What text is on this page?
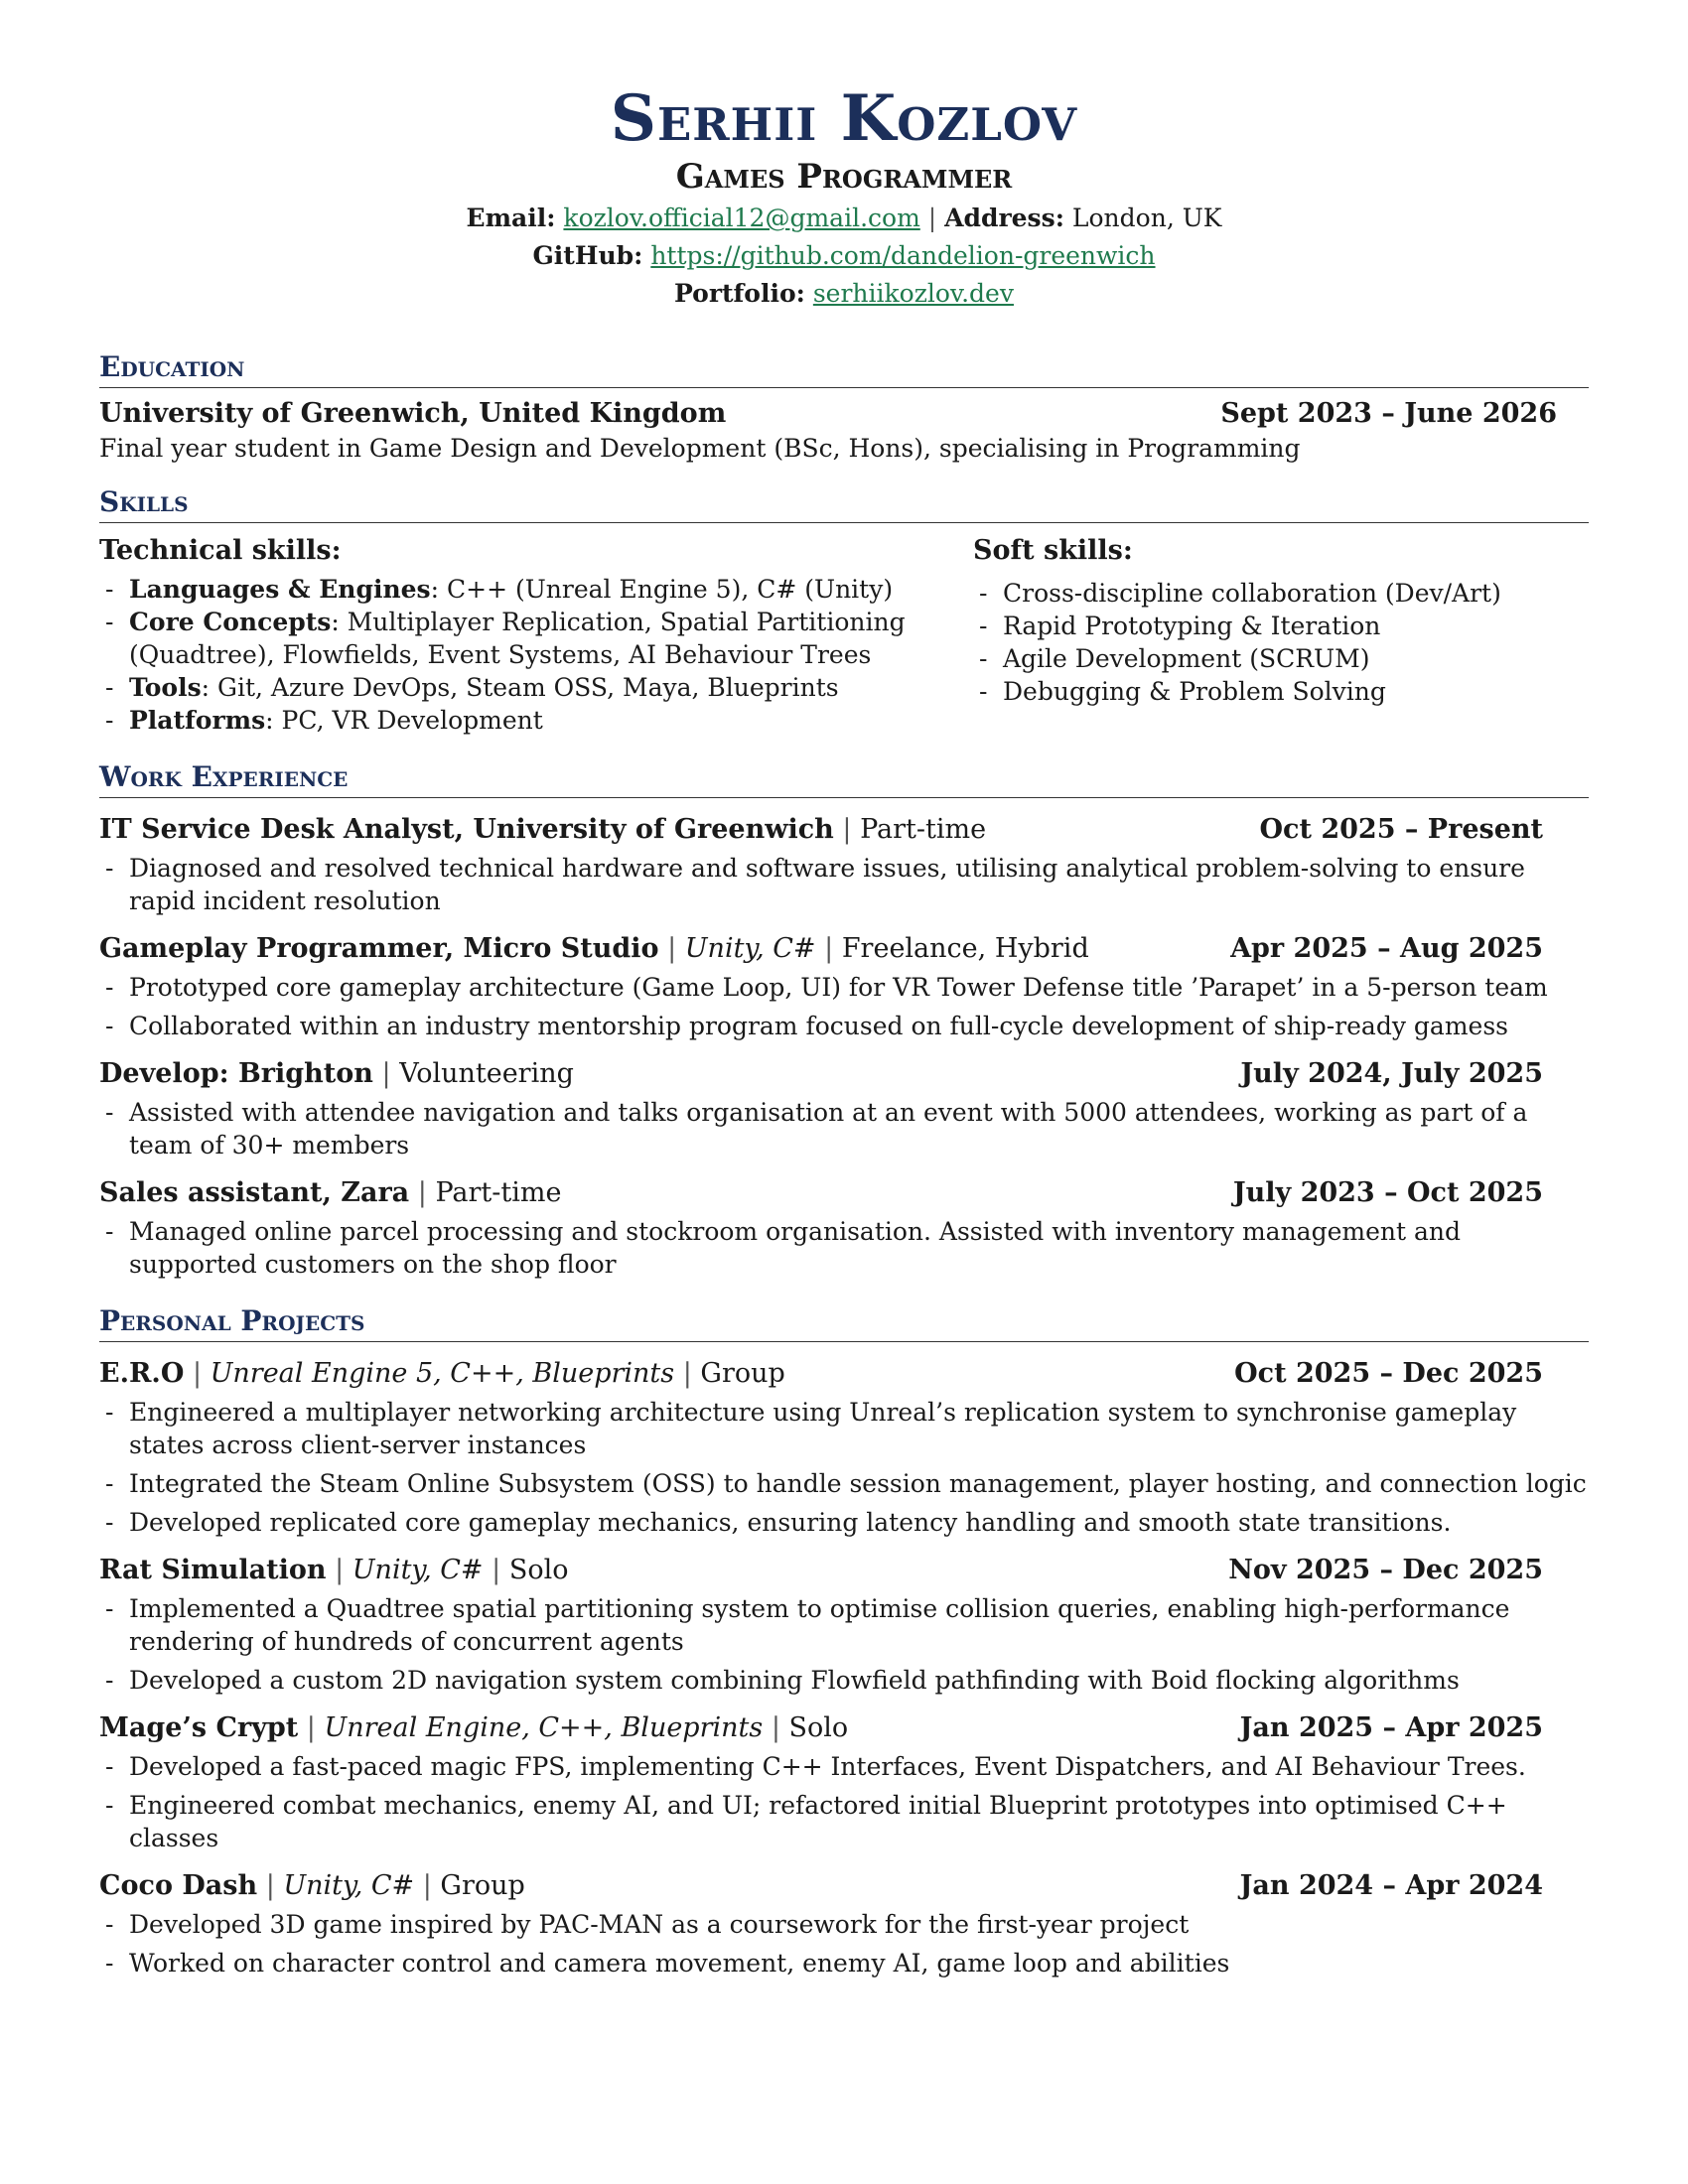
Serhii Kozlov
Games Programmer
Email: kozlov.official12@gmail.com | Address: London, UK
GitHub: https://github.com/dandelion-greenwich
Portfolio: serhiikozlov.dev
Education
University of Greenwich, United Kingdom	Sept 2023 – June 2026
Final year student in Game Design and Development (BSc, Hons), specialising in Programming
Skills
Technical skills:
- Languages & Engines: C++ (Unreal Engine 5), C# (Unity)
- Core Concepts: Multiplayer Replication, Spatial Partitioning (Quadtree), Flowfields, Event Systems, AI Behaviour Trees
- Tools: Git, Azure DevOps, Steam OSS, Maya, Blueprints
- Platforms: PC, VR Development
Soft skills:
- Cross-discipline collaboration (Dev/Art)
- Rapid Prototyping & Iteration
- Agile Development (SCRUM)
- Debugging & Problem Solving
Work Experience
IT Service Desk Analyst, University of Greenwich | Part-time	Oct 2025 – Present
- Diagnosed and resolved technical hardware and software issues, utilising analytical problem-solving to ensure rapid incident resolution
Gameplay Programmer, Micro Studio | Unity, C# | Freelance, Hybrid	Apr 2025 – Aug 2025
- Prototyped core gameplay architecture (Game Loop, UI) for VR Tower Defense title ’Parapet’ in a 5-person team
- Collaborated within an industry mentorship program focused on full-cycle development of ship-ready gamess
Develop: Brighton | Volunteering	July 2024, July 2025
- Assisted with attendee navigation and talks organisation at an event with 5000 attendees, working as part of a team of 30+ members
Sales assistant, Zara | Part-time	July 2023 – Oct 2025
- Managed online parcel processing and stockroom organisation. Assisted with inventory management and supported customers on the shop floor
Personal Projects
E.R.O | Unreal Engine 5, C++, Blueprints | Group	Oct 2025 – Dec 2025
- Engineered a multiplayer networking architecture using Unreal’s replication system to synchronise gameplay states across client-server instances
- Integrated the Steam Online Subsystem (OSS) to handle session management, player hosting, and connection logic
- Developed replicated core gameplay mechanics, ensuring latency handling and smooth state transitions.
Rat Simulation | Unity, C# | Solo	Nov 2025 – Dec 2025
- Implemented a Quadtree spatial partitioning system to optimise collision queries, enabling high-performance rendering of hundreds of concurrent agents
- Developed a custom 2D navigation system combining Flowfield pathfinding with Boid flocking algorithms
Mage’s Crypt | Unreal Engine, C++, Blueprints | Solo	Jan 2025 – Apr 2025
- Developed a fast-paced magic FPS, implementing C++ Interfaces, Event Dispatchers, and AI Behaviour Trees.
- Engineered combat mechanics, enemy AI, and UI; refactored initial Blueprint prototypes into optimised C++ classes
Coco Dash | Unity, C# | Group	Jan 2024 – Apr 2024
- Developed 3D game inspired by PAC-MAN as a coursework for the first-year project
- Worked on character control and camera movement, enemy AI, game loop and abilities
